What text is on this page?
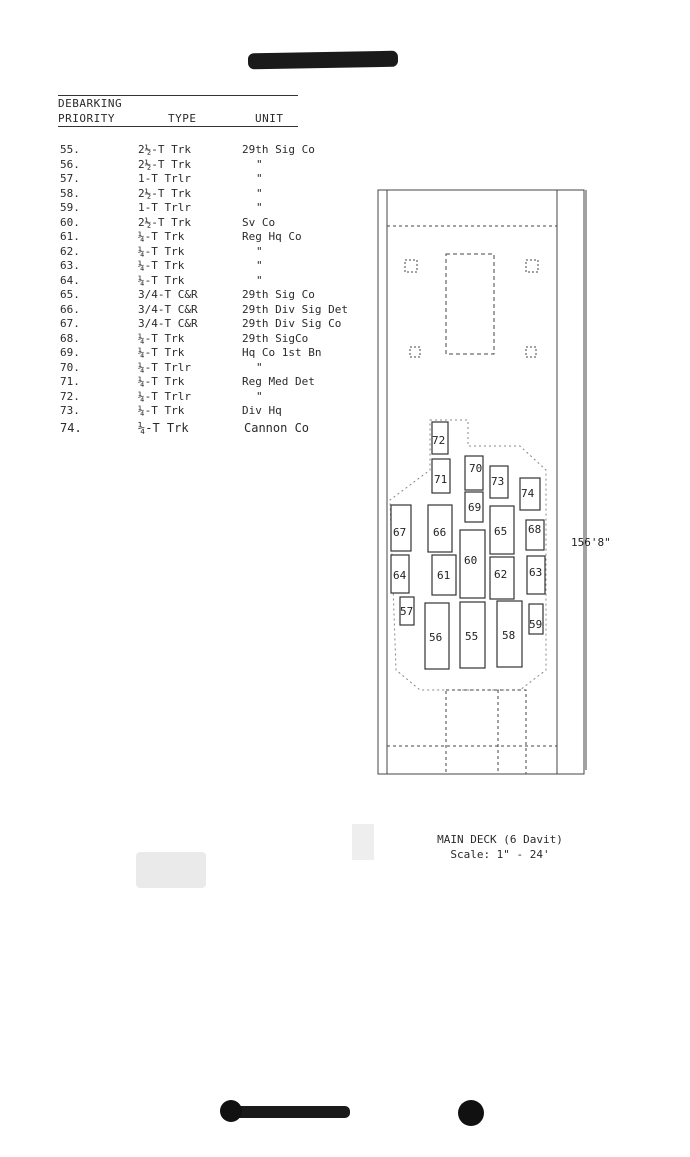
DEBARKING
PRIORITY	TYPE	UNIT
55.	2½-T Trk	29th Sig Co
56.	2½-T Trk	"
57.	1-T Trlr	"
58.	2½-T Trk	"
59.	1-T Trlr	"
60.	2½-T Trk	Sv Co
61.	¼-T Trk	Reg Hq Co
62.	¼-T Trk	"
63.	¼-T Trk	"
64.	¼-T Trk	"
65.	3/4-T C&R	29th Sig Co
66.	3/4-T C&R	29th Div Sig Det
67.	3/4-T C&R	29th Div Sig Co
68.	¼-T Trk	29th SigCo
69.	¼-T Trk	Hq Co 1st Bn
70.	¼-T Trlr	"
71.	¼-T Trk	Reg Med Det
72.	¼-T Trlr	"
73.	¼-T Trk	Div Hq
74.	¼-T Trk	Cannon Co
55
56
57
58
59
60
61	62 63
64
65
66
67	68
69
70
71
72
73
74
156'8"
MAIN DECK (6 Davit)
Scale: 1" - 24'
